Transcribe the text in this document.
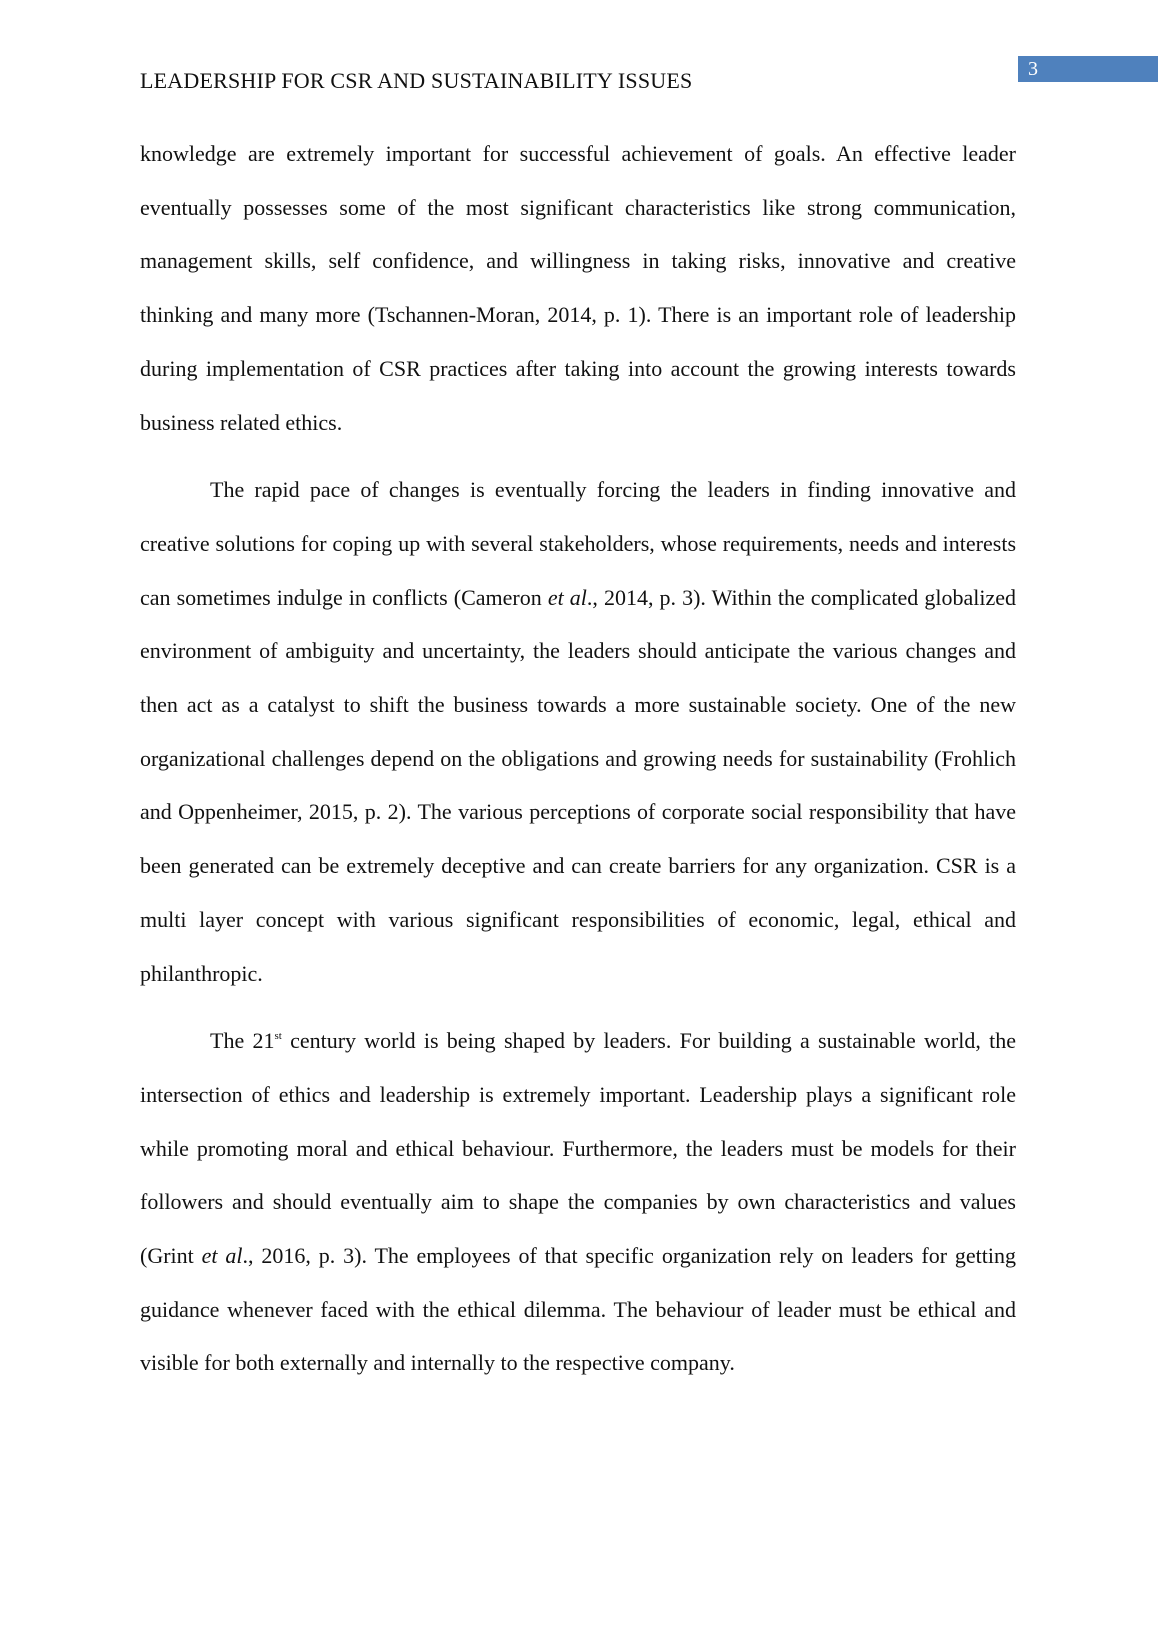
3
LEADERSHIP FOR CSR AND SUSTAINABILITY ISSUES

knowledge are extremely important for successful achievement of goals. An effective leader eventually possesses some of the most significant characteristics like strong communication, management skills, self confidence, and willingness in taking risks, innovative and creative thinking and many more (Tschannen-Moran, 2014, p. 1). There is an important role of leadership during implementation of CSR practices after taking into account the growing interests towards business related ethics.

The rapid pace of changes is eventually forcing the leaders in finding innovative and creative solutions for coping up with several stakeholders, whose requirements, needs and interests can sometimes indulge in conflicts (Cameron et al., 2014, p. 3). Within the complicated globalized environment of ambiguity and uncertainty, the leaders should anticipate the various changes and then act as a catalyst to shift the business towards a more sustainable society. One of the new organizational challenges depend on the obligations and growing needs for sustainability (Frohlich and Oppenheimer, 2015, p. 2). The various perceptions of corporate social responsibility that have been generated can be extremely deceptive and can create barriers for any organization. CSR is a multi layer concept with various significant responsibilities of economic, legal, ethical and philanthropic.

The 21st century world is being shaped by leaders. For building a sustainable world, the intersection of ethics and leadership is extremely important. Leadership plays a significant role while promoting moral and ethical behaviour. Furthermore, the leaders must be models for their followers and should eventually aim to shape the companies by own characteristics and values (Grint et al., 2016, p. 3). The employees of that specific organization rely on leaders for getting guidance whenever faced with the ethical dilemma. The behaviour of leader must be ethical and visible for both externally and internally to the respective company.
